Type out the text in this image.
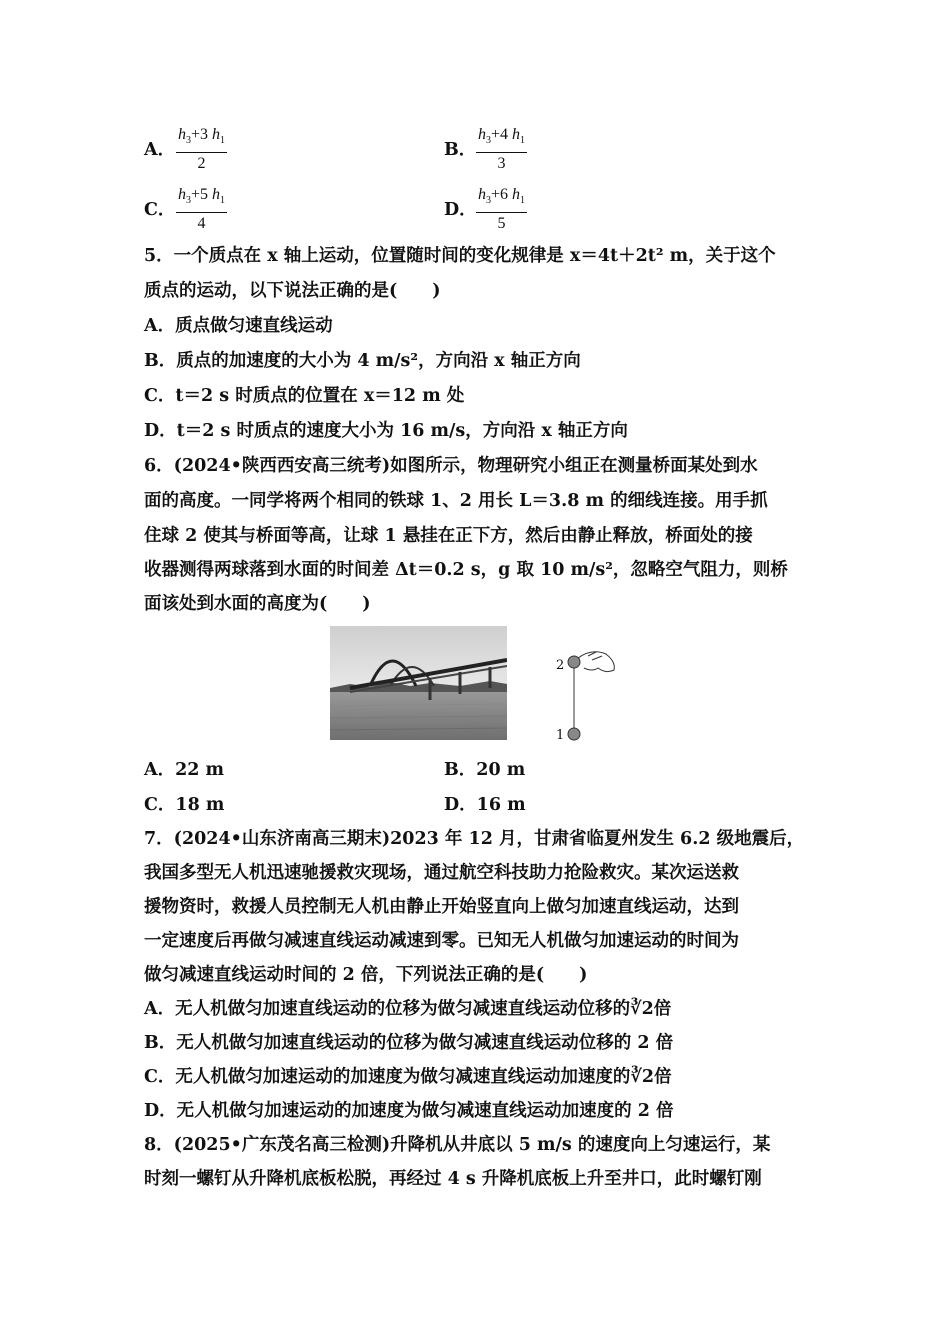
A． $\frac{h_3+3 h_1}{2}$	B． $\frac{h_3+4 h_1}{3}$
C． $\frac{h_3+5 h_1}{4}$	D． $\frac{h_3+6 h_1}{5}$
5．一个质点在 x 轴上运动，位置随时间的变化规律是 x＝4t＋2t² m，关于这个
质点的运动，以下说法正确的是(　　)
A．质点做匀速直线运动
B．质点的加速度的大小为 4 m/s²，方向沿 x 轴正方向
C．t＝2 s 时质点的位置在 x＝12 m 处
D．t＝2 s 时质点的速度大小为 16 m/s，方向沿 x 轴正方向
6．(2024•陕西西安高三统考)如图所示，物理研究小组正在测量桥面某处到水
面的高度。一同学将两个相同的铁球 1、2 用长 L＝3.8 m 的细线连接。用手抓
住球 2 使其与桥面等高，让球 1 悬挂在正下方，然后由静止释放，桥面处的接
收器测得两球落到水面的时间差 Δt＝0.2 s，g 取 10 m/s²，忽略空气阻力，则桥
面该处到水面的高度为(　　)
2
1
A．22 m	B．20 m
C．18 m	D．16 m
7．(2024•山东济南高三期末)2023 年 12 月，甘肃省临夏州发生 6.2 级地震后，
我国多型无人机迅速驰援救灾现场，通过航空科技助力抢险救灾。某次运送救
援物资时，救援人员控制无人机由静止开始竖直向上做匀加速直线运动，达到
一定速度后再做匀减速直线运动减速到零。已知无人机做匀加速运动的时间为
做匀减速直线运动时间的 2 倍，下列说法正确的是(　　)
A．无人机做匀加速直线运动的位移为做匀减速直线运动位移的∛2倍
B．无人机做匀加速直线运动的位移为做匀减速直线运动位移的 2 倍
C．无人机做匀加速运动的加速度为做匀减速直线运动加速度的∛2倍
D．无人机做匀加速运动的加速度为做匀减速直线运动加速度的 2 倍
8．(2025•广东茂名高三检测)升降机从井底以 5 m/s 的速度向上匀速运行，某
时刻一螺钉从升降机底板松脱，再经过 4 s 升降机底板上升至井口，此时螺钉刚
